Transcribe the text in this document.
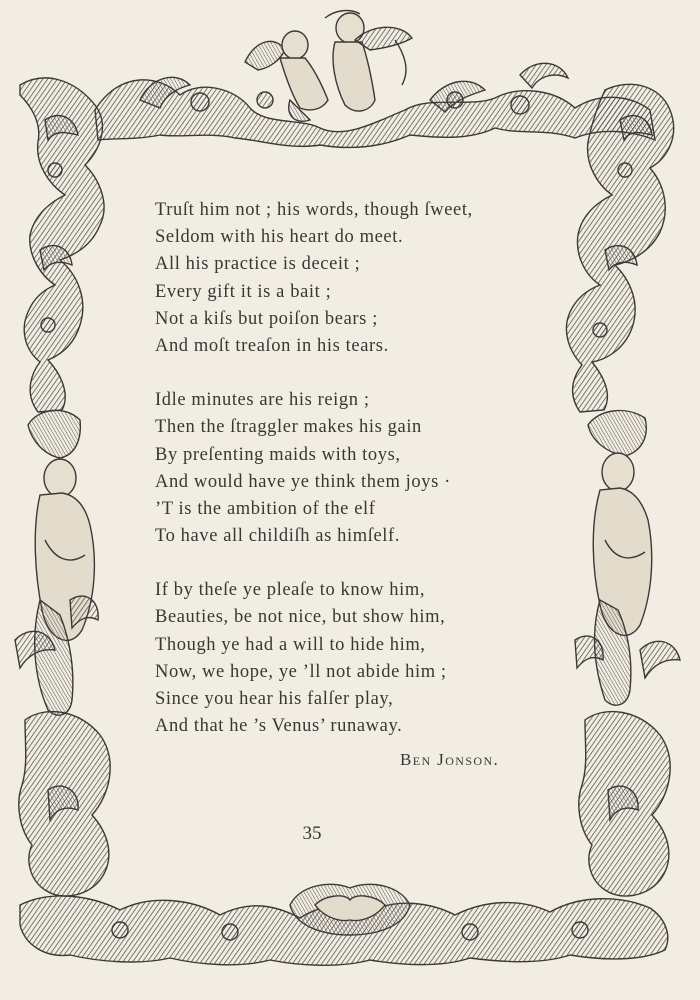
Truſt him not ; his words, though ſweet,
Seldom with his heart do meet.
All his practice is deceit ;
Every gift it is a bait ;
Not a kiſs but poiſon bears ;
And moſt treaſon in his tears.
Idle minutes are his reign ;
Then the ſtraggler makes his gain
By preſenting maids with toys,
And would have ye think them joys ·
’T is the ambition of the elf
To have all childiſh as himſelf.
If by theſe ye pleaſe to know him,
Beauties, be not nice, but show him,
Though ye had a will to hide him,
Now, we hope, ye ’ll not abide him ;
Since you hear his falſer play,
And that he ’s Venus’ runaway.
Ben Jonson.
35
